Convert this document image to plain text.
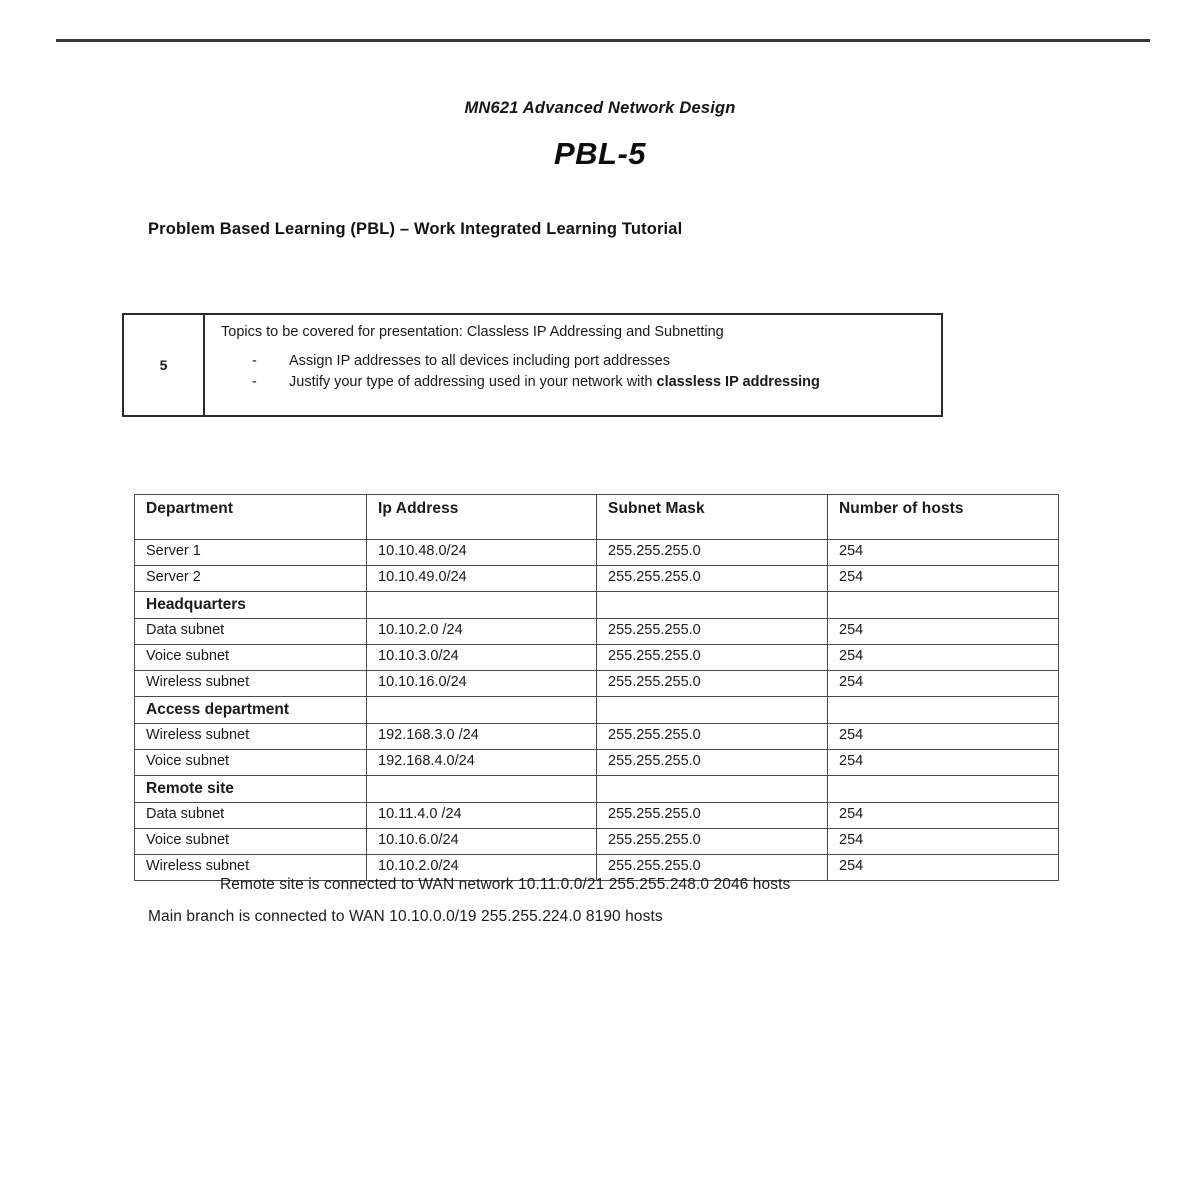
MN621 Advanced Network Design
PBL-5
Problem Based Learning (PBL) – Work Integrated Learning Tutorial
5
Topics to be covered for presentation: Classless IP Addressing and Subnetting
- Assign IP addresses to all devices including port addresses
- Justify your type of addressing used in your network with classless IP addressing
Department	Ip Address	Subnet Mask	Number of hosts
Server 1	10.10.48.0/24	255.255.255.0	254
Server 2	10.10.49.0/24	255.255.255.0	254
Headquarters			
Data subnet	10.10.2.0 /24	255.255.255.0	254
Voice subnet	10.10.3.0/24	255.255.255.0	254
Wireless subnet	10.10.16.0/24	255.255.255.0	254
Access department			
Wireless subnet	192.168.3.0 /24	255.255.255.0	254
Voice subnet	192.168.4.0/24	255.255.255.0	254
Remote site			
Data subnet	10.11.4.0 /24	255.255.255.0	254
Voice subnet	10.10.6.0/24	255.255.255.0	254
Wireless subnet	10.10.2.0/24	255.255.255.0	254
Remote site is connected to WAN network 10.11.0.0/21 255.255.248.0 2046 hosts
Main branch is connected to WAN 10.10.0.0/19 255.255.224.0 8190 hosts
